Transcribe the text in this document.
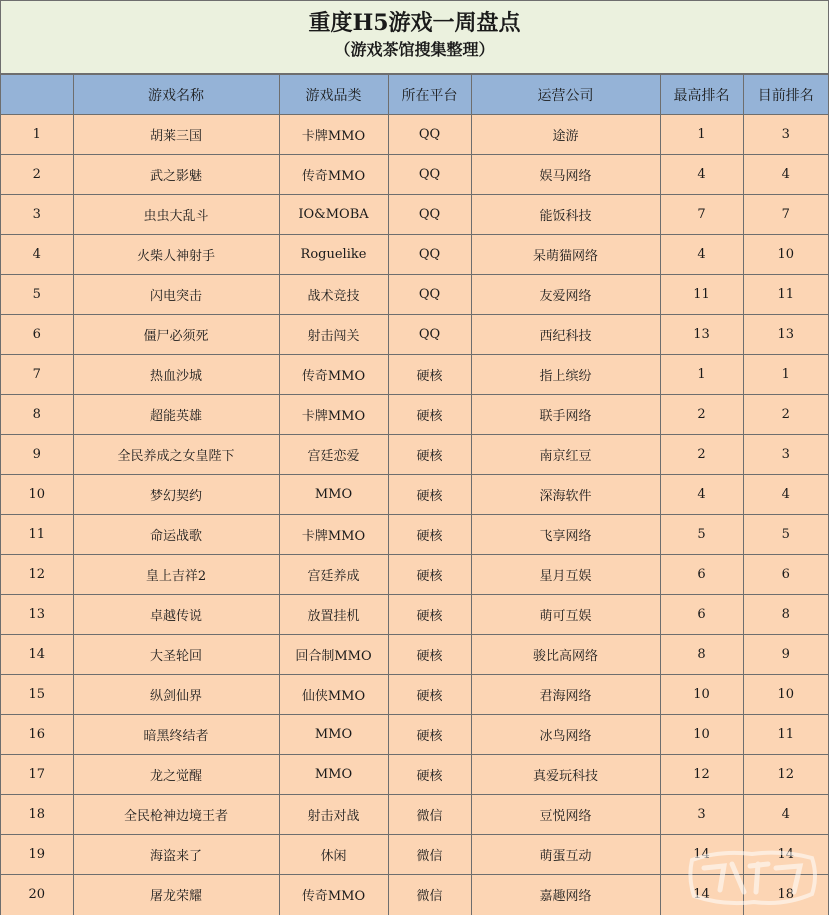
重度H5游戏一周盘点
（游戏茶馆搜集整理）
	游戏名称	游戏品类	所在平台	运营公司	最高排名	目前排名
1	胡莱三国	卡牌MMO	QQ	途游	1	3
2	武之影魅	传奇MMO	QQ	娱马网络	4	4
3	虫虫大乱斗	IO&MOBA	QQ	能饭科技	7	7
4	火柴人神射手	Roguelike	QQ	呆萌猫网络	4	10
5	闪电突击	战术竞技	QQ	友爱网络	11	11
6	僵尸必须死	射击闯关	QQ	西纪科技	13	13
7	热血沙城	传奇MMO	硬核	指上缤纷	1	1
8	超能英雄	卡牌MMO	硬核	联手网络	2	2
9	全民养成之女皇陛下	宫廷恋爱	硬核	南京红豆	2	3
10	梦幻契约	MMO	硬核	深海软件	4	4
11	命运战歌	卡牌MMO	硬核	飞享网络	5	5
12	皇上吉祥2	宫廷养成	硬核	星月互娱	6	6
13	卓越传说	放置挂机	硬核	萌可互娱	6	8
14	大圣轮回	回合制MMO	硬核	骏比高网络	8	9
15	纵剑仙界	仙侠MMO	硬核	君海网络	10	10
16	暗黑终结者	MMO	硬核	冰鸟网络	10	11
17	龙之觉醒	MMO	硬核	真爱玩科技	12	12
18	全民枪神边境王者	射击对战	微信	豆悦网络	3	4
19	海盗来了	休闲	微信	萌蛋互动	14	14
20	屠龙荣耀	传奇MMO	微信	嘉趣网络	14	18
